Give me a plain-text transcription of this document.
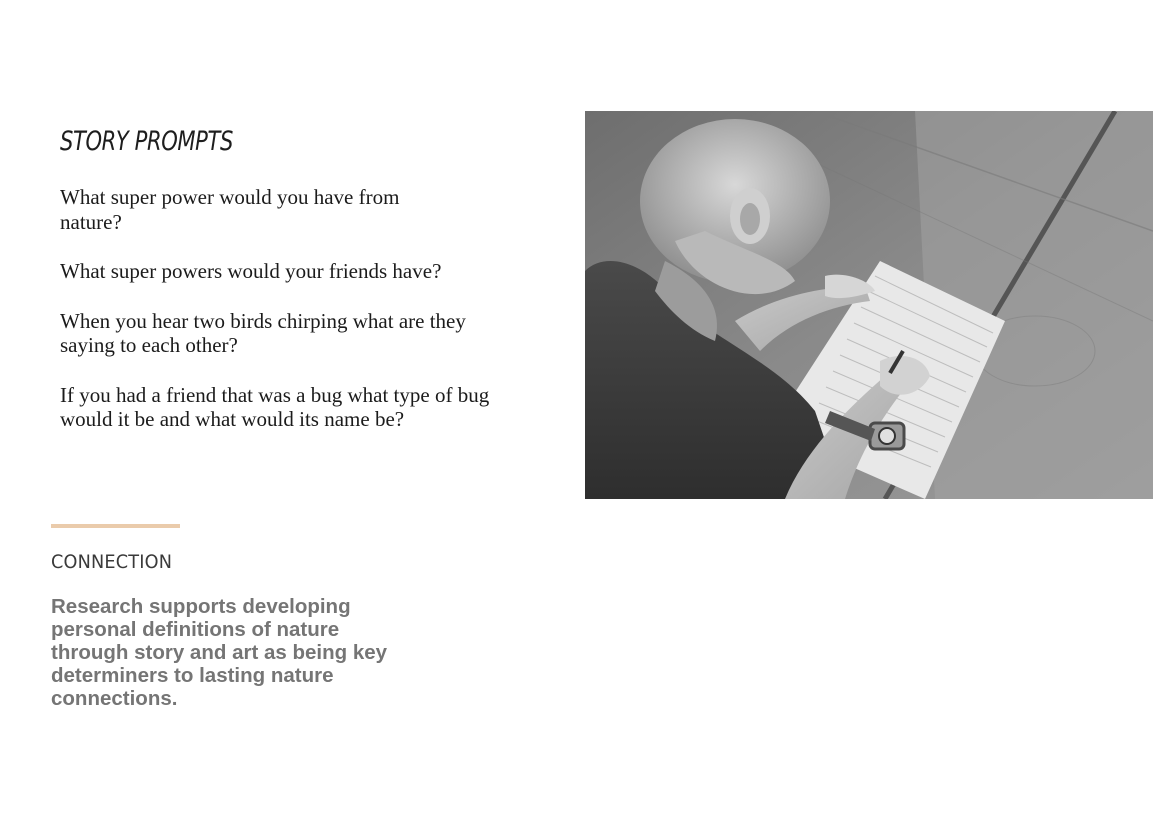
STORY PROMPTS
What super power would you have from nature?
What super powers would your friends have?
When you hear two birds chirping what are they saying to each other?
If you had a friend that was a bug what type of bug would it be and what would its name be?
CONNECTION

Research supports developing personal definitions of nature through story and art as being key determiners to lasting nature connections.
